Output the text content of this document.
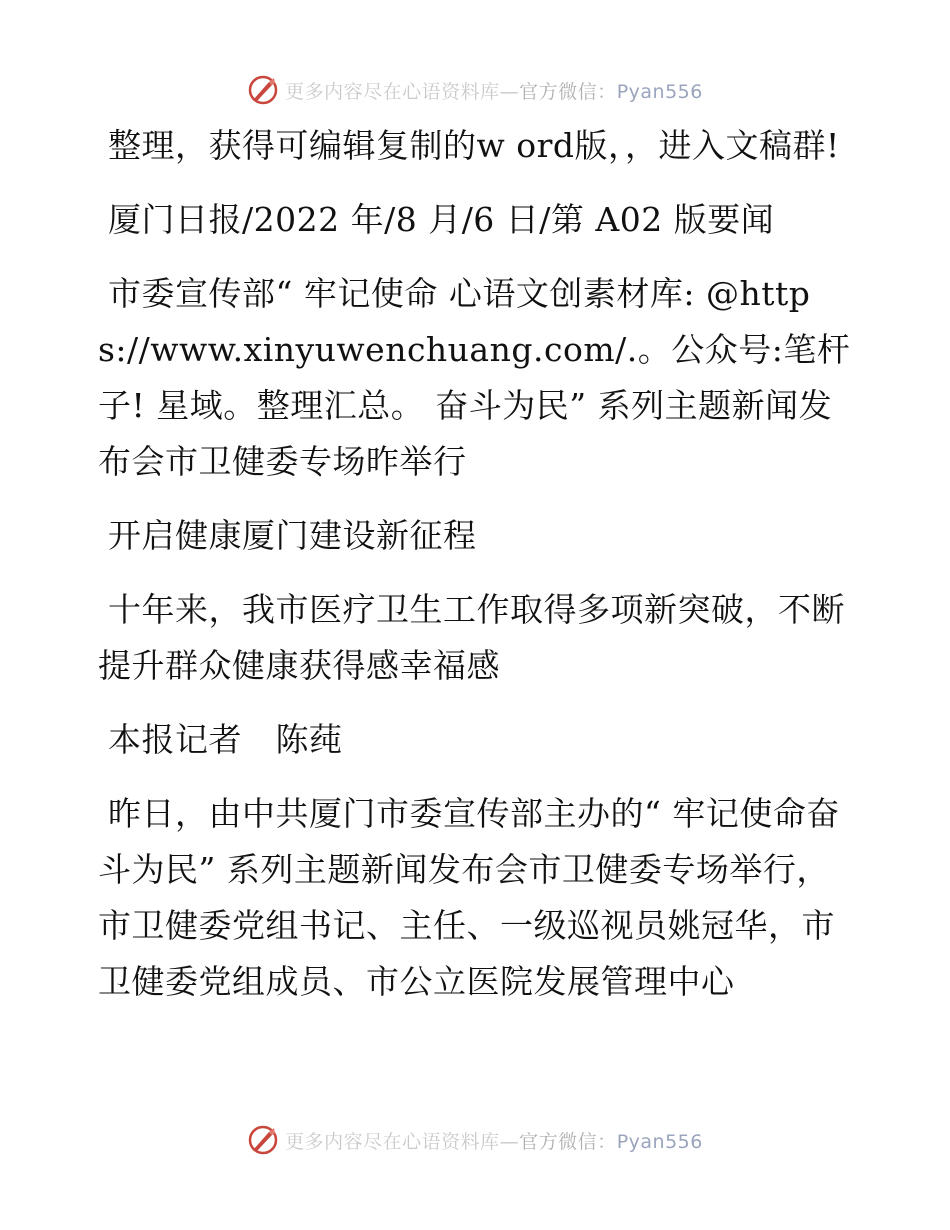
更多内容尽在心语资料库—官方微信：Pyan556

整理，获得可编辑复制的w ord版，，进入文稿群!

厦门日报/2022 年/8 月/6 日/第 A02 版要闻

市委宣传部“ 牢记使命 心语文创素材库: @https://www.xinyuwenchuang.com/.。公众号:笔杆子! 星域。整理汇总。 奋斗为民” 系列主题新闻发布会市卫健委专场昨举行

开启健康厦门建设新征程

十年来，我市医疗卫生工作取得多项新突破，不断提升群众健康获得感幸福感

本报记者　陈莼

昨日，由中共厦门市委宣传部主办的“ 牢记使命奋斗为民” 系列主题新闻发布会市卫健委专场举行，市卫健委党组书记、主任、一级巡视员姚冠华，市卫健委党组成员、市公立医院发展管理中心

更多内容尽在心语资料库—官方微信：Pyan556
